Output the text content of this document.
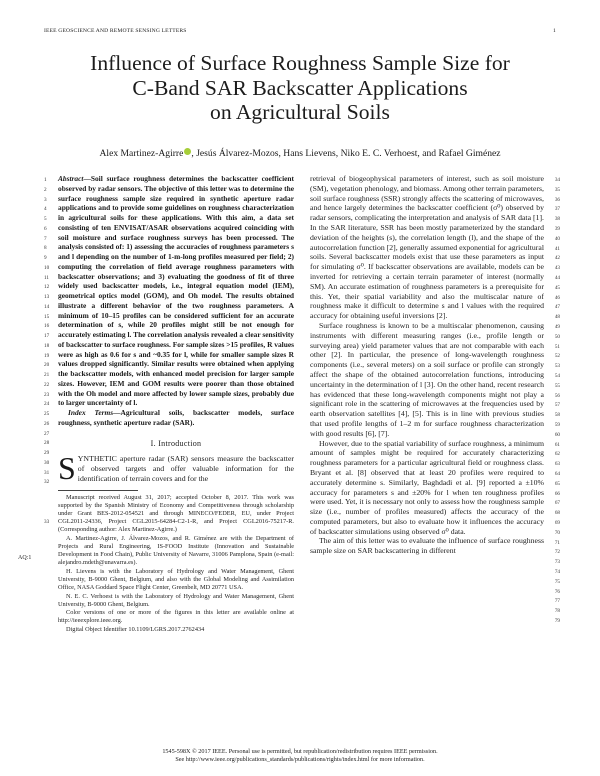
IEEE GEOSCIENCE AND REMOTE SENSING LETTERS	1
Influence of Surface Roughness Sample Size for
C-Band SAR Backscatter Applications
on Agricultural Soils
Alex Martinez-Agirre , Jesús Álvarez-Mozos, Hans Lievens, Niko E. C. Verhoest, and Rafael Giménez

Abstract—Soil surface roughness determines the backscatter coefficient observed by radar sensors. The objective of this letter was to determine the surface roughness sample size required in synthetic aperture radar applications and to provide some guidelines on roughness characterization in agricultural soils for these applications. With this aim, a data set consisting of ten ENVISAT/ASAR observations acquired coinciding with soil moisture and surface roughness surveys has been processed. The analysis consisted of: 1) assessing the accuracies of roughness parameters s and l depending on the number of 1-m-long profiles measured per field; 2) computing the correlation of field average roughness parameters with backscatter observations; and 3) evaluating the goodness of fit of three widely used backscatter models, i.e., integral equation model (IEM), geometrical optics model (GOM), and Oh model. The results obtained illustrate a different behavior of the two roughness parameters. A minimum of 10–15 profiles can be considered sufficient for an accurate determination of s, while 20 profiles might still be not enough for accurately estimating l. The correlation analysis revealed a clear sensitivity of backscatter to surface roughness. For sample sizes >15 profiles, R values were as high as 0.6 for s and ~0.35 for l, while for smaller sample sizes R values dropped significantly. Similar results were obtained when applying the backscatter models, with enhanced model precision for larger sample sizes. However, IEM and GOM results were poorer than those obtained with the Oh model and more affected by lower sample sizes, probably due to larger uncertainty of l.

Index Terms—Agricultural soils, backscatter models, surface roughness, synthetic aperture radar (SAR).

I. Introduction

SYNTHETIC aperture radar (SAR) sensors measure the backscatter of observed targets and offer valuable information for the identification of terrain covers and for the

Manuscript received August 31, 2017; accepted October 8, 2017. This work was supported by the Spanish Ministry of Economy and Competitiveness through scholarship under Grant BES-2012-054521 and through MINECO/FEDER, EU, under Project CGL2011-24336, Project CGL2015-64284-C2-1-R, and Project CGL2016-75217-R. (Corresponding author: Alex Martinez-Agirre.)

A. Martinez-Agirre, J. Álvarez-Mozos, and R. Giménez are with the Department of Projects and Rural Engineering, IS-FOOD Institute (Innovation and Sustainable Development in Food Chain), Public University of Navarre, 31006 Pamplona, Spain (e-mail: alejandro.mdeth@unavarra.es).

H. Lievens is with the Laboratory of Hydrology and Water Management, Ghent University, B-9000 Ghent, Belgium, and also with the Global Modeling and Assimilation Office, NASA Goddard Space Flight Center, Greenbelt, MD 20771 USA.

N. E. C. Verhoest is with the Laboratory of Hydrology and Water Management, Ghent University, B-9000 Ghent, Belgium.

Color versions of one or more of the figures in this letter are available online at http://ieeexplore.ieee.org.

Digital Object Identifier 10.1109/LGRS.2017.2762434

retrieval of biogeophysical parameters of interest, such as soil moisture (SM), vegetation phenology, and biomass. Among other terrain parameters, soil surface roughness (SSR) strongly affects the scattering of microwaves, and hence largely determines the backscatter coefficient (σ⁰) observed by radar sensors, complicating the interpretation and analysis of SAR data [1]. In the SAR literature, SSR has been mostly parameterized by the standard deviation of the heights (s), the correlation length (l), and the shape of the autocorrelation function [2], generally assumed exponential for agricultural soils. Several backscatter models exist that use these parameters as input for simulating σ⁰. If backscatter observations are available, models can be inverted for retrieving a certain terrain parameter of interest (normally SM). An accurate estimation of roughness parameters is a prerequisite for this. Yet, their spatial variability and also the multiscalar nature of roughness make it difficult to determine s and l values with the required accuracy for obtaining useful inversions [2].

Surface roughness is known to be a multiscalar phenomenon, causing instruments with different measuring ranges (i.e., profile length or surveying area) yield parameter values that are not comparable with each other [2]. In particular, the presence of long-wavelength roughness components (i.e., several meters) on a soil surface or profile can strongly affect the shape of the obtained autocorrelation functions, introducing uncertainty in the determination of l [3]. On the other hand, recent research has evidenced that these long-wavelength components might not play a significant role in the scattering of microwaves at the frequencies used by earth observation satellites [4], [5]. This is in line with previous studies that used profile lengths of 1–2 m for surface roughness characterization with good results [6], [7].

However, due to the spatial variability of surface roughness, a minimum amount of samples might be required for accurately characterizing roughness parameters for a particular agricultural field or roughness class. Bryant et al. [8] observed that at least 20 profiles were required to accurately determine s. Similarly, Baghdadi et al. [9] reported a ±10% accuracy for parameters s and ±20% for l when ten roughness profiles were used. Yet, it is necessary not only to assess how the roughness sample size (i.e., number of profiles measured) affects the accuracy of the computed parameters, but also to evaluate how it influences the accuracy of backscatter simulations using observed σ⁰ data.

The aim of this letter was to evaluate the influence of surface roughness sample size on SAR backscattering in different

AQ:1
1
2
3
4
5
6
7
8
9
10
11
12
13
14
15
16
17
18
19
20
21
22
23
24
25
26
27
28
29
30
31
32
33
34
35
36
37
38
39
40
41
42
43
44
45
46
47
48
49
50
51
52
53
54
55
56
57
58
59
60
61
62
63
64
65
66
67
68
69
70
71
72
73
74
75
76
77
78
79
1545-598X © 2017 IEEE. Personal use is permitted, but republication/redistribution requires IEEE permission.
See http://www.ieee.org/publications_standards/publications/rights/index.html for more information.
